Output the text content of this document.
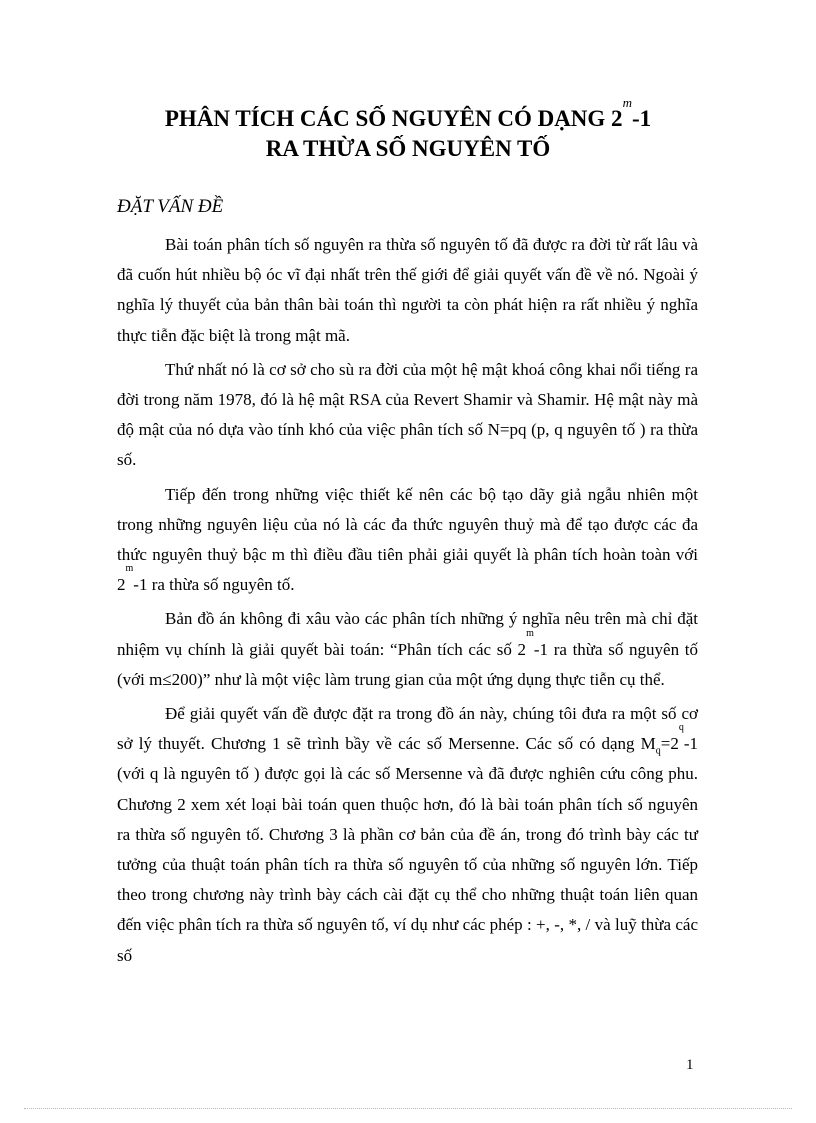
PHÂN TÍCH CÁC SỐ NGUYÊN CÓ DẠNG 2$^m$-1
RA THỪA SỐ NGUYÊN TỐ
ĐẶT VẤN ĐỀ

Bài toán phân tích số nguyên ra thừa số nguyên tố đã được ra đời từ rất lâu và đã cuốn hút nhiều bộ óc vĩ đại nhất trên thế giới để giải quyết vấn đề về nó. Ngoài ý nghĩa lý thuyết của bản thân bài toán thì người ta còn phát hiện ra rất nhiều ý nghĩa thực tiễn đặc biệt là trong mật mã.

Thứ nhất nó là cơ sở cho sù ra đời của một hệ mật khoá công khai nổi tiếng ra đời trong năm 1978, đó là hệ mật RSA của Revert Shamir và Shamir. Hệ mật này mà độ mật của nó dựa vào tính khó của việc phân tích số N=pq (p, q nguyên tố ) ra thừa số.

Tiếp đến trong những việc thiết kế nên các bộ tạo dãy giả ngẫu nhiên một trong những nguyên liệu của nó là các đa thức nguyên thuỷ mà để tạo được các đa thức nguyên thuỷ bậc m thì điều đầu tiên phải giải quyết là phân tích hoàn toàn với 2$^m$-1 ra thừa số nguyên tố.

Bản đồ án không đi xâu vào các phân tích những ý nghĩa nêu trên mà chỉ đặt nhiệm vụ chính là giải quyết bài toán: “Phân tích các số 2$^m$-1 ra thừa số nguyên tố (với m≤200)” như là một việc làm trung gian của một ứng dụng thực tiễn cụ thể.

Để giải quyết vấn đề được đặt ra trong đồ án này, chúng tôi đưa ra một số cơ sở lý thuyết. Chương 1 sẽ trình bầy về các số Mersenne. Các số có dạng $M_q=2^q-1$ (với q là nguyên tố ) được gọi là các số Mersenne và đã được nghiên cứu công phu. Chương 2 xem xét loại bài toán quen thuộc hơn, đó là bài toán phân tích số nguyên ra thừa số nguyên tố. Chương 3 là phần cơ bản của đề án, trong đó trình bày các tư tưởng của thuật toán phân tích ra thừa số nguyên tố của những số nguyên lớn. Tiếp theo trong chương này trình bày cách cài đặt cụ thể cho những thuật toán liên quan đến việc phân tích ra thừa số nguyên tố, ví dụ như các phép : +, -, *, / và luỹ thừa các số

1
